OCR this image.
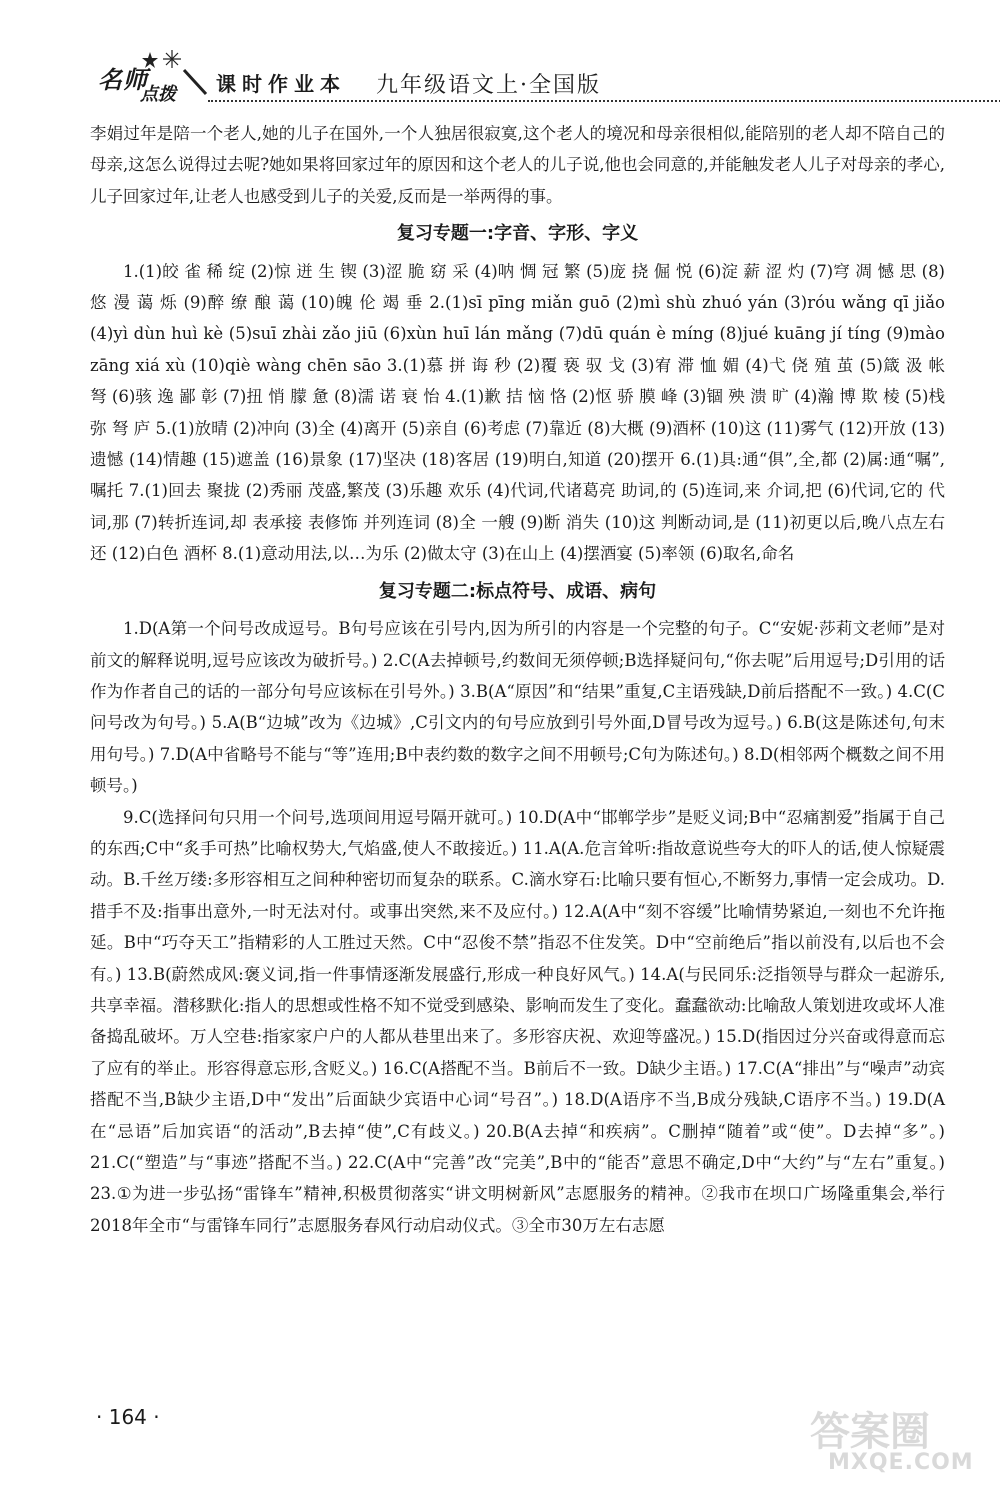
名师
点拨 课时作业本 九年级语文上·全国版

李娟过年是陪一个老人,她的儿子在国外,一个人独居很寂寞,这个老人的境况和母亲很相似,能陪别的老人却不陪自己的母亲,这怎么说得过去呢?她如果将回家过年的原因和这个老人的儿子说,他也会同意的,并能触发老人儿子对母亲的孝心,儿子回家过年,让老人也感受到儿子的关爱,反而是一举两得的事。

复习专题一:字音、字形、字义

1.(1)皎 雀 稀 绽 (2)惊 迸 生 锲 (3)涩 脆 窈 采 (4)呐 惆 冠 繁 (5)庞 挠 倔 悦 (6)淀 薪 涩 灼 (7)穹 凋 憾 思 (8)悠 漫 蔼 烁 (9)醉 缭 酿 蔼 (10)魄 伦 竭 垂 2.(1)sī pīng miǎn guō (2)mì shù zhuó yán (3)róu wǎng qī jiǎo (4)yì dùn huì kè (5)suī zhài zǎo jiū (6)xùn huī lán mǎng (7)dū quán è míng (8)jué kuāng jí tíng (9)mào zāng xiá xù (10)qiè wàng chēn sāo 3.(1)慕 拼 诲 秒 (2)覆 亵 驭 戈 (3)宥 滞 恤 媚 (4)弋 侥 殖 茧 (5)箴 汲 帐 弩 (6)骇 逸 鄙 彰 (7)扭 悄 朦 惫 (8)濡 诺 衰 怡 4.(1)歉 拮 恼 恪 (2)怄 骄 膜 峰 (3)锢 殃 溃 旷 (4)瀚 博 欺 棱 (5)栈 弥 弩 庐 5.(1)放晴 (2)冲向 (3)全 (4)离开 (5)亲自 (6)考虑 (7)靠近 (8)大概 (9)酒杯 (10)这 (11)雾气 (12)开放 (13)遗憾 (14)情趣 (15)遮盖 (16)景象 (17)坚决 (18)客居 (19)明白,知道 (20)摆开 6.(1)具:通“俱”,全,都 (2)属:通“嘱”,嘱托 7.(1)回去 聚拢 (2)秀丽 茂盛,繁茂 (3)乐趣 欢乐 (4)代词,代诸葛亮 助词,的 (5)连词,来 介词,把 (6)代词,它的 代词,那 (7)转折连词,却 表承接 表修饰 并列连词 (8)全 一艘 (9)断 消失 (10)这 判断动词,是 (11)初更以后,晚八点左右 还 (12)白色 酒杯 8.(1)意动用法,以…为乐 (2)做太守 (3)在山上 (4)摆酒宴 (5)率领 (6)取名,命名

复习专题二:标点符号、成语、病句

1.D(A第一个问号改成逗号。B句号应该在引号内,因为所引的内容是一个完整的句子。C“安妮·莎莉文老师”是对前文的解释说明,逗号应该改为破折号。) 2.C(A去掉顿号,约数间无须停顿;B选择疑问句,“你去呢”后用逗号;D引用的话作为作者自己的话的一部分句号应该标在引号外。) 3.B(A“原因”和“结果”重复,C主语残缺,D前后搭配不一致。) 4.C(C问号改为句号。) 5.A(B“边城”改为《边城》,C引文内的句号应放到引号外面,D冒号改为逗号。) 6.B(这是陈述句,句末用句号。) 7.D(A中省略号不能与“等”连用;B中表约数的数字之间不用顿号;C句为陈述句。) 8.D(相邻两个概数之间不用顿号。)

9.C(选择问句只用一个问号,选项间用逗号隔开就可。) 10.D(A中“邯郸学步”是贬义词;B中“忍痛割爱”指属于自己的东西;C中“炙手可热”比喻权势大,气焰盛,使人不敢接近。) 11.A(A.危言耸听:指故意说些夸大的吓人的话,使人惊疑震动。B.千丝万缕:多形容相互之间种种密切而复杂的联系。C.滴水穿石:比喻只要有恒心,不断努力,事情一定会成功。D.措手不及:指事出意外,一时无法对付。或事出突然,来不及应付。) 12.A(A中“刻不容缓”比喻情势紧迫,一刻也不允许拖延。B中“巧夺天工”指精彩的人工胜过天然。C中“忍俊不禁”指忍不住发笑。D中“空前绝后”指以前没有,以后也不会有。) 13.B(蔚然成风:褒义词,指一件事情逐渐发展盛行,形成一种良好风气。) 14.A(与民同乐:泛指领导与群众一起游乐,共享幸福。潜移默化:指人的思想或性格不知不觉受到感染、影响而发生了变化。蠢蠢欲动:比喻敌人策划进攻或坏人准备捣乱破坏。万人空巷:指家家户户的人都从巷里出来了。多形容庆祝、欢迎等盛况。) 15.D(指因过分兴奋或得意而忘了应有的举止。形容得意忘形,含贬义。) 16.C(A搭配不当。B前后不一致。D缺少主语。) 17.C(A“排出”与“噪声”动宾搭配不当,B缺少主语,D中“发出”后面缺少宾语中心词“号召”。) 18.D(A语序不当,B成分残缺,C语序不当。) 19.D(A在“忌语”后加宾语“的活动”,B去掉“使”,C有歧义。) 20.B(A去掉“和疾病”。C删掉“随着”或“使”。D去掉“多”。) 21.C(“塑造”与“事迹”搭配不当。) 22.C(A中“完善”改“完美”,B中的“能否”意思不确定,D中“大约”与“左右”重复。) 23.①为进一步弘扬“雷锋车”精神,积极贯彻落实“讲文明树新风”志愿服务的精神。②我市在坝口广场隆重集会,举行2018年全市“与雷锋车同行”志愿服务春风行动启动仪式。③全市30万左右志愿

· 164 ·	答案圈
MXQE.COM
